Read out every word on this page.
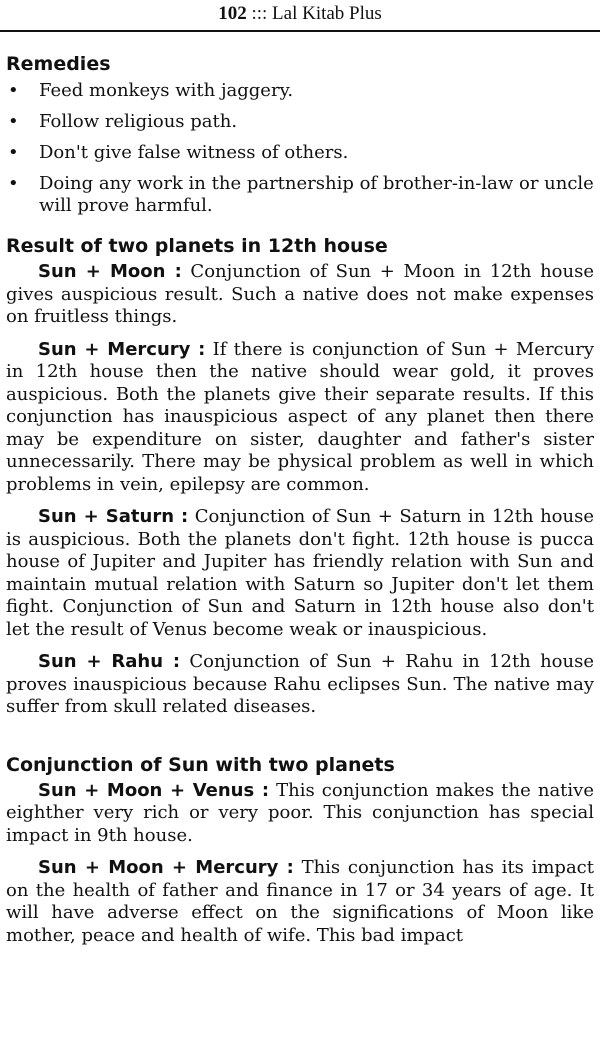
102 ::: Lal Kitab Plus
Remedies
• Feed monkeys with jaggery.
• Follow religious path.
• Don't give false witness of others.
• Doing any work in the partnership of brother-in-law or uncle will prove harmful.
Result of two planets in 12th house

Sun + Moon : Conjunction of Sun + Moon in 12th house gives auspicious result. Such a native does not make expenses on fruitless things.

Sun + Mercury : If there is conjunction of Sun + Mercury in 12th house then the native should wear gold, it proves auspicious. Both the planets give their separate results. If this conjunction has inauspicious aspect of any planet then there may be expenditure on sister, daughter and father's sister unnecessarily. There may be physical problem as well in which problems in vein, epilepsy are common.

Sun + Saturn : Conjunction of Sun + Saturn in 12th house is auspicious. Both the planets don't fight. 12th house is pucca house of Jupiter and Jupiter has friendly relation with Sun and maintain mutual relation with Saturn so Jupiter don't let them fight. Conjunction of Sun and Saturn in 12th house also don't let the result of Venus become weak or inauspicious.

Sun + Rahu : Conjunction of Sun + Rahu in 12th house proves inauspicious because Rahu eclipses Sun. The native may suffer from skull related diseases.

Conjunction of Sun with two planets

Sun + Moon + Venus : This conjunction makes the native eighther very rich or very poor. This conjunction has special impact in 9th house.

Sun + Moon + Mercury : This conjunction has its impact on the health of father and finance in 17 or 34 years of age. It will have adverse effect on the significations of Moon like mother, peace and health of wife. This bad impact
